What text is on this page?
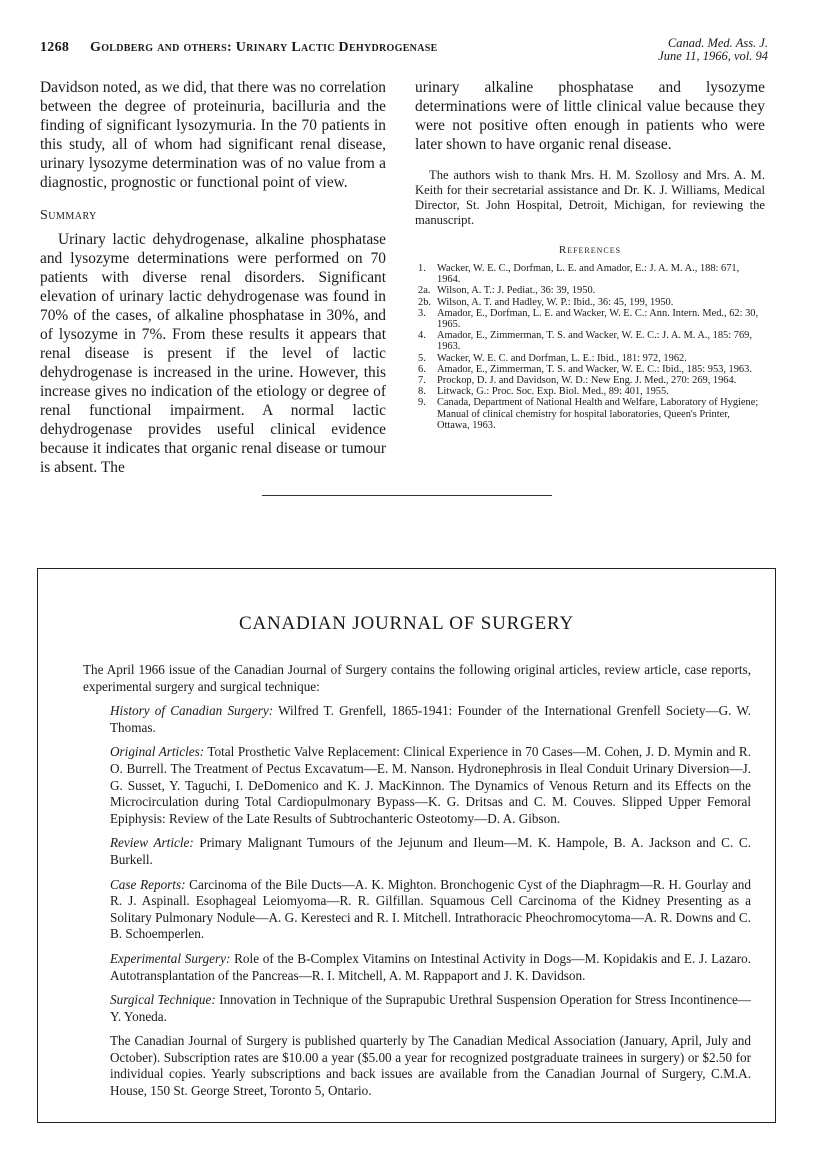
1268 Goldberg and others: Urinary Lactic Dehydrogenase	Canad. Med. Ass. J.
June 11, 1966, vol. 94

Davidson noted, as we did, that there was no correlation between the degree of proteinuria, bacilluria and the finding of significant lysozymuria. In the 70 patients in this study, all of whom had significant renal disease, urinary lysozyme determination was of no value from a diagnostic, prognostic or functional point of view.

Summary

Urinary lactic dehydrogenase, alkaline phosphatase and lysozyme determinations were performed on 70 patients with diverse renal disorders. Significant elevation of urinary lactic dehydrogenase was found in 70% of the cases, of alkaline phosphatase in 30%, and of lysozyme in 7%. From these results it appears that renal disease is present if the level of lactic dehydrogenase is increased in the urine. However, this increase gives no indication of the etiology or degree of renal functional impairment. A normal lactic dehydrogenase provides useful clinical evidence because it indicates that organic renal disease or tumour is absent. The

urinary alkaline phosphatase and lysozyme determinations were of little clinical value because they were not positive often enough in patients who were later shown to have organic renal disease.

The authors wish to thank Mrs. H. M. Szollosy and Mrs. A. M. Keith for their secretarial assistance and Dr. K. J. Williams, Medical Director, St. John Hospital, Detroit, Michigan, for reviewing the manuscript.

References
1. Wacker, W. E. C., Dorfman, L. E. and Amador, E.: J. A. M. A., 188: 671, 1964.
2a. Wilson, A. T.: J. Pediat., 36: 39, 1950.
2b. Wilson, A. T. and Hadley, W. P.: Ibid., 36: 45, 199, 1950.
3. Amador, E., Dorfman, L. E. and Wacker, W. E. C.: Ann. Intern. Med., 62: 30, 1965.
4. Amador, E., Zimmerman, T. S. and Wacker, W. E. C.: J. A. M. A., 185: 769, 1963.
5. Wacker, W. E. C. and Dorfman, L. E.: Ibid., 181: 972, 1962.
6. Amador, E., Zimmerman, T. S. and Wacker, W. E. C.: Ibid., 185: 953, 1963.
7. Prockop, D. J. and Davidson, W. D.: New Eng. J. Med., 270: 269, 1964.
8. Litwack, G.: Proc. Soc. Exp. Biol. Med., 89: 401, 1955.
9. Canada, Department of National Health and Welfare, Laboratory of Hygiene; Manual of clinical chemistry for hospital laboratories, Queen's Printer, Ottawa, 1963.
CANADIAN JOURNAL OF SURGERY

The April 1966 issue of the Canadian Journal of Surgery contains the following original articles, review article, case reports, experimental surgery and surgical technique:

History of Canadian Surgery: Wilfred T. Grenfell, 1865-1941: Founder of the International Grenfell Society—G. W. Thomas.

Original Articles: Total Prosthetic Valve Replacement: Clinical Experience in 70 Cases—M. Cohen, J. D. Mymin and R. O. Burrell. The Treatment of Pectus Excavatum—E. M. Nanson. Hydronephrosis in Ileal Conduit Urinary Diversion—J. G. Susset, Y. Taguchi, I. DeDomenico and K. J. MacKinnon. The Dynamics of Venous Return and its Effects on the Microcirculation during Total Cardiopulmonary Bypass—K. G. Dritsas and C. M. Couves. Slipped Upper Femoral Epiphysis: Review of the Late Results of Subtrochanteric Osteotomy—D. A. Gibson.

Review Article: Primary Malignant Tumours of the Jejunum and Ileum—M. K. Hampole, B. A. Jackson and C. C. Burkell.

Case Reports: Carcinoma of the Bile Ducts—A. K. Mighton. Bronchogenic Cyst of the Diaphragm—R. H. Gourlay and R. J. Aspinall. Esophageal Leiomyoma—R. R. Gilfillan. Squamous Cell Carcinoma of the Kidney Presenting as a Solitary Pulmonary Nodule—A. G. Keresteci and R. I. Mitchell. Intrathoracic Pheochromocytoma—A. R. Downs and C. B. Schoemperlen.

Experimental Surgery: Role of the B-Complex Vitamins on Intestinal Activity in Dogs—M. Kopidakis and E. J. Lazaro. Autotransplantation of the Pancreas—R. I. Mitchell, A. M. Rappaport and J. K. Davidson.

Surgical Technique: Innovation in Technique of the Suprapubic Urethral Suspension Operation for Stress Incontinence—Y. Yoneda.

The Canadian Journal of Surgery is published quarterly by The Canadian Medical Association (January, April, July and October). Subscription rates are $10.00 a year ($5.00 a year for recognized postgraduate trainees in surgery) or $2.50 for individual copies. Yearly subscriptions and back issues are available from the Canadian Journal of Surgery, C.M.A. House, 150 St. George Street, Toronto 5, Ontario.
